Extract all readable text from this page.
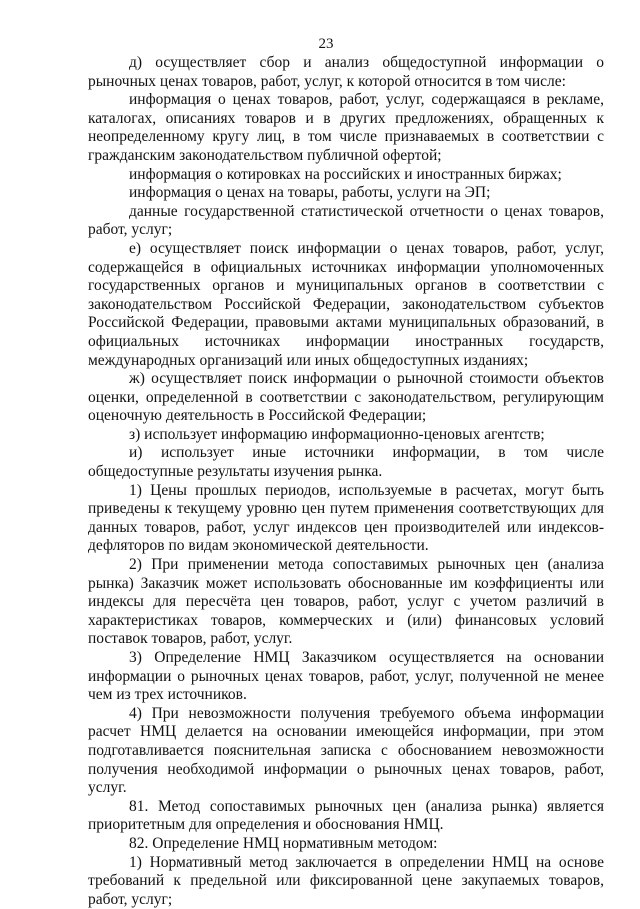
23

д) осуществляет сбор и анализ общедоступной информации о рыночных ценах товаров, работ, услуг, к которой относится в том числе:

информация о ценах товаров, работ, услуг, содержащаяся в рекламе, каталогах, описаниях товаров и в других предложениях, обращенных к неопределенному кругу лиц, в том числе признаваемых в соответствии с гражданским законодательством публичной офертой;

информация о котировках на российских и иностранных биржах;

информация о ценах на товары, работы, услуги на ЭП;

данные государственной статистической отчетности о ценах товаров, работ, услуг;

е) осуществляет поиск информации о ценах товаров, работ, услуг, содержащейся в официальных источниках информации уполномоченных государственных органов и муниципальных органов в соответствии с законодательством Российской Федерации, законодательством субъектов Российской Федерации, правовыми актами муниципальных образований, в официальных источниках информации иностранных государств, международных организаций или иных общедоступных изданиях;

ж) осуществляет поиск информации о рыночной стоимости объектов оценки, определенной в соответствии с законодательством, регулирующим оценочную деятельность в Российской Федерации;

з) использует информацию информационно-ценовых агентств;

и) использует иные источники информации, в том числе общедоступные результаты изучения рынка.

1) Цены прошлых периодов, используемые в расчетах, могут быть приведены к текущему уровню цен путем применения соответствующих для данных товаров, работ, услуг индексов цен производителей или индексов-дефляторов по видам экономической деятельности.

2) При применении метода сопоставимых рыночных цен (анализа рынка) Заказчик может использовать обоснованные им коэффициенты или индексы для пересчёта цен товаров, работ, услуг с учетом различий в характеристиках товаров, коммерческих и (или) финансовых условий поставок товаров, работ, услуг.

3) Определение НМЦ Заказчиком осуществляется на основании информации о рыночных ценах товаров, работ, услуг, полученной не менее чем из трех источников.

4) При невозможности получения требуемого объема информации расчет НМЦ делается на основании имеющейся информации, при этом подготавливается пояснительная записка с обоснованием невозможности получения необходимой информации о рыночных ценах товаров, работ, услуг.

81. Метод сопоставимых рыночных цен (анализа рынка) является приоритетным для определения и обоснования НМЦ.

82. Определение НМЦ нормативным методом:

1) Нормативный метод заключается в определении НМЦ на основе требований к предельной или фиксированной цене закупаемых товаров, работ, услуг;
